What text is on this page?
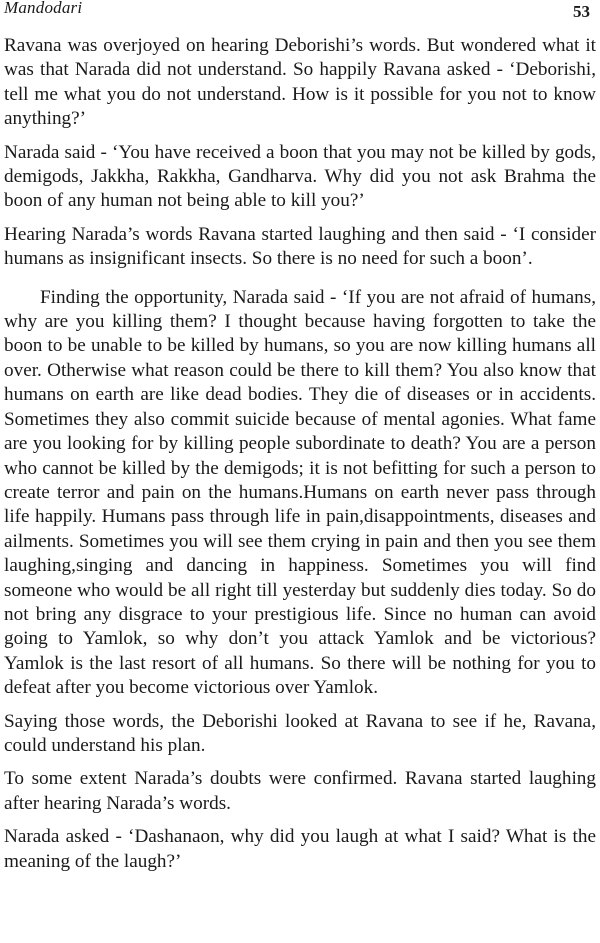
Mandodari	53

Ravana was overjoyed on hearing Deborishi’s words. But wondered what it was that Narada did not understand. So happily Ravana asked - ‘Deborishi, tell me what you do not understand. How is it possible for you not to know anything?’

Narada said - ‘You have received a boon that you may not be killed by gods, demigods, Jakkha, Rakkha, Gandharva. Why did you not ask Brahma the boon of any human not being able to kill you?’

Hearing Narada’s words Ravana started laughing and then said - ‘I consider humans as insignificant insects. So there is no need for such a boon’.

Finding the opportunity, Narada said - ‘If you are not afraid of humans, why are you killing them? I thought because having forgotten to take the boon to be unable to be killed by humans, so you are now killing humans all over. Otherwise what reason could be there to kill them? You also know that humans on earth are like dead bodies. They die of diseases or in accidents. Sometimes they also commit suicide because of mental agonies. What fame are you looking for by killing people subordinate to death? You are a person who cannot be killed by the demigods; it is not befitting for such a person to create terror and pain on the humans.Humans on earth never pass through life happily. Humans pass through life in pain,disappointments, diseases and ailments. Sometimes you will see them crying in pain and then you see them laughing,singing and dancing in happiness. Sometimes you will find someone who would be all right till yesterday but suddenly dies today. So do not bring any disgrace to your prestigious life. Since no human can avoid going to Yamlok, so why don’t you attack Yamlok and be victorious? Yamlok is the last resort of all humans. So there will be nothing for you to defeat after you become victorious over Yamlok.

Saying those words, the Deborishi looked at Ravana to see if he, Ravana, could understand his plan.

To some extent Narada’s doubts were confirmed. Ravana started laughing after hearing Narada’s words.

Narada asked - ‘Dashanaon, why did you laugh at what I said? What is the meaning of the laugh?’
